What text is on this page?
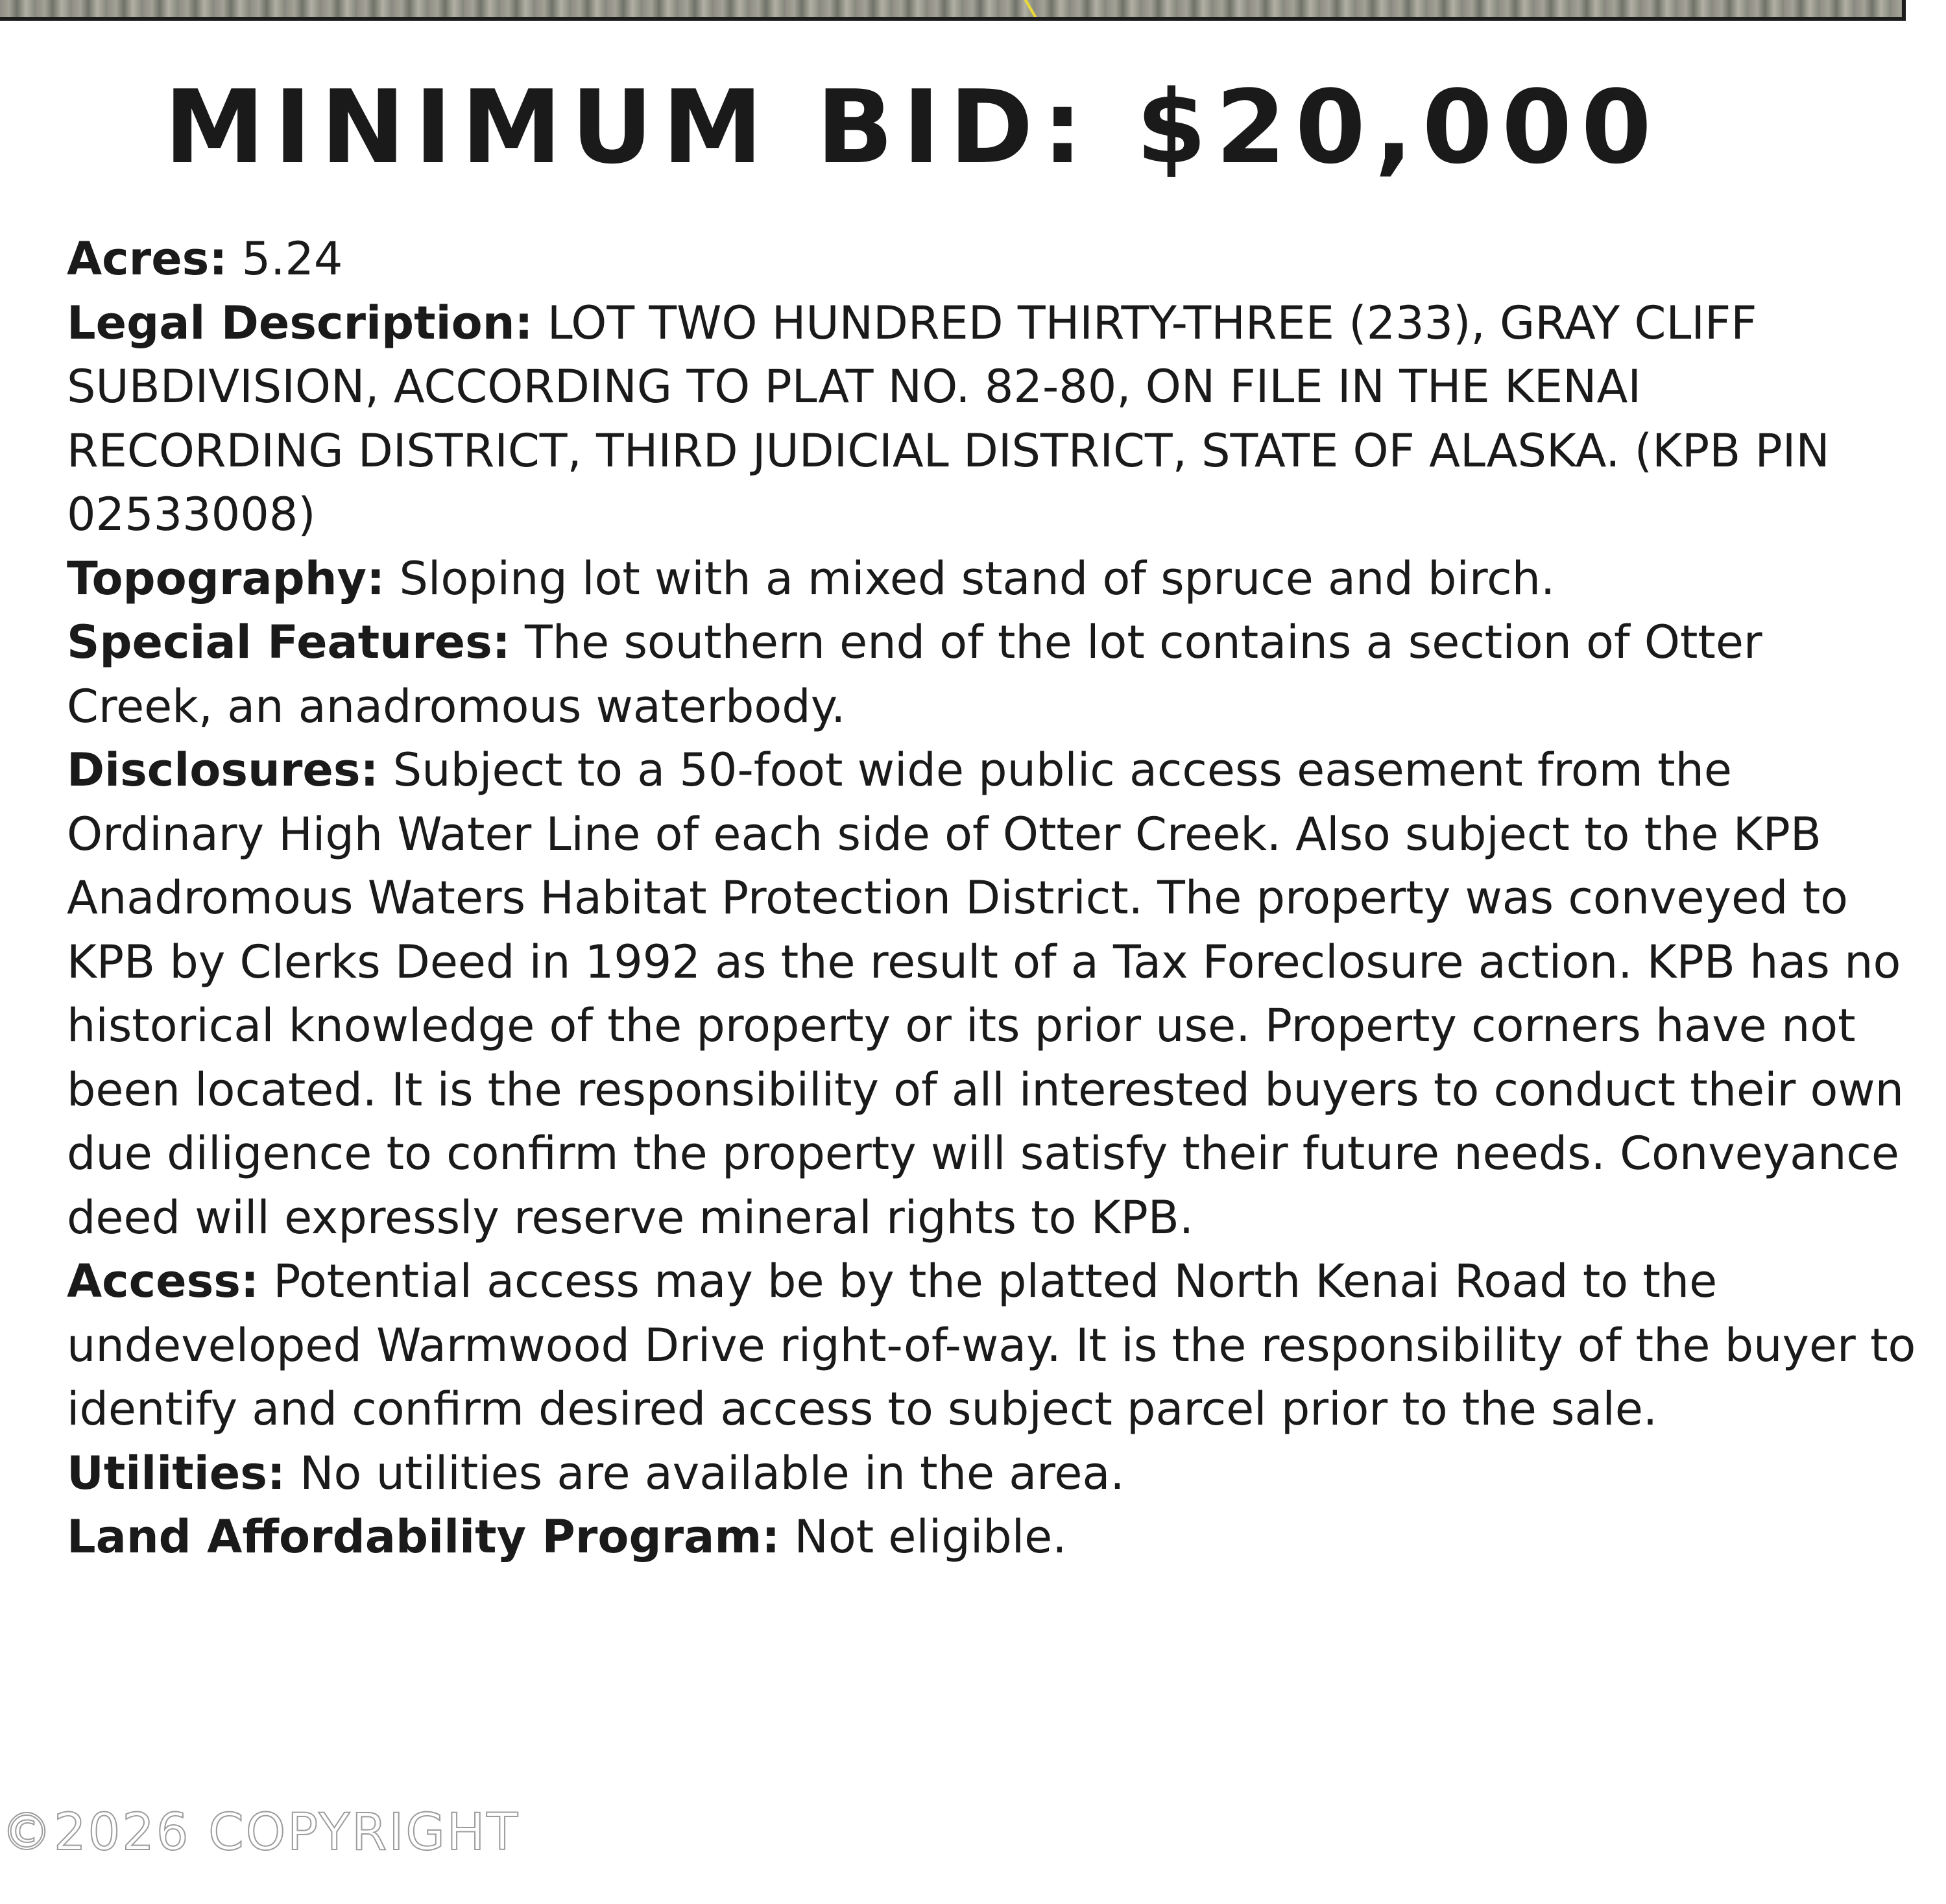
MINIMUM BID: $20,000

Acres: 5.24

Legal Description: LOT TWO HUNDRED THIRTY-THREE (233), GRAY CLIFF SUBDIVISION, ACCORDING TO PLAT NO. 82-80, ON FILE IN THE KENAI RECORDING DISTRICT, THIRD JUDICIAL DISTRICT, STATE OF ALASKA. (KPB PIN 02533008)

Topography: Sloping lot with a mixed stand of spruce and birch.

Special Features: The southern end of the lot contains a section of Otter Creek, an anadromous waterbody.

Disclosures: Subject to a 50-foot wide public access easement from the Ordinary High Water Line of each side of Otter Creek. Also subject to the KPB Anadromous Waters Habitat Protection District. The property was conveyed to KPB by Clerks Deed in 1992 as the result of a Tax Foreclosure action. KPB has no historical knowledge of the property or its prior use. Property corners have not been located. It is the responsibility of all interested buyers to conduct their own due diligence to confirm the property will satisfy their future needs. Conveyance deed will expressly reserve mineral rights to KPB.

Access: Potential access may be by the platted North Kenai Road to the undeveloped Warmwood Drive right-of-way. It is the responsibility of the buyer to identify and confirm desired access to subject parcel prior to the sale.

Utilities: No utilities are available in the area.

Land Affordability Program: Not eligible.

©2026 COPYRIGHT
